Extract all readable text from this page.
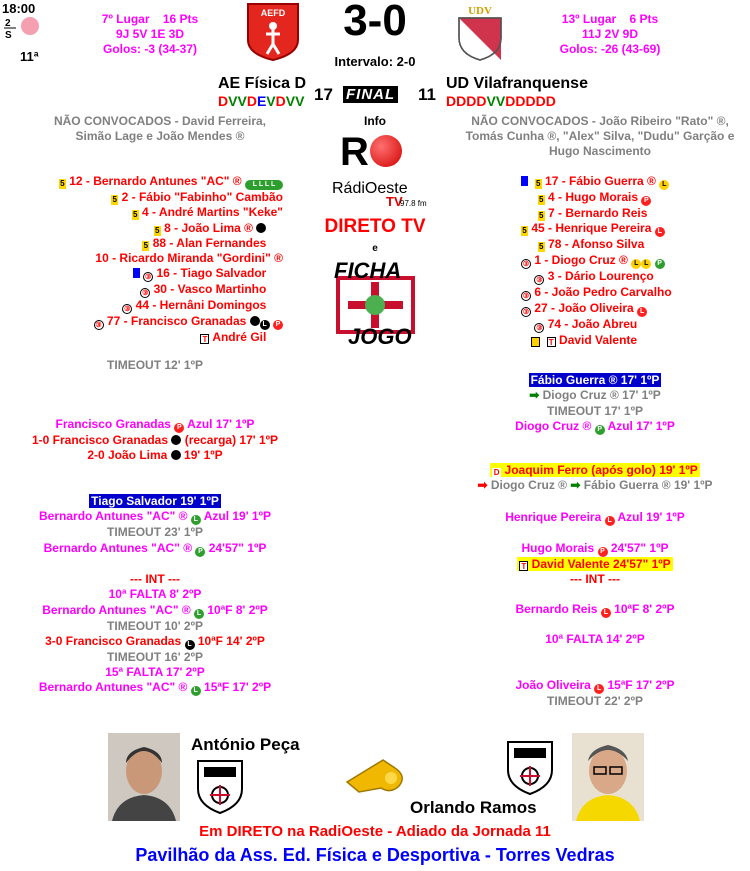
18:00
2
S
11ª
7º Lugar 16 Pts
9J 5V 1E 3D
Golos: -3 (34-37)
AEFD	3-0
Intervalo: 2-0
UDV
13º Lugar 6 Pts
11J 2V 9D
Golos: -26 (43-69)
AE Física D	UD Vilafranquense
DVVDEVDVV	DDDDVVDDDDD
17 FINAL 11
NÃO CONVOCADOS - David Ferreira,
Simão Lage e João Mendes ®
NÃO CONVOCADOS - João Ribeiro "Rato" ®,
Tomás Cunha ®, "Alex" Silva, "Dudu" Garção e
Hugo Nascimento
Info
R
RádiOeste
TV
97.8 fm
DIRETO TV
e
FICHA
JOGO
5 12 - Bernardo Antunes "AC" ® L L L L
5 2 - Fábio "Fabinho" Cambão
5 4 - André Martins "Keke"
5 8 - João Lima ®
5 88 - Alan Fernandes
10 - Ricardo Miranda "Gordini" ®
③ 16 - Tiago Salvador
③ 30 - Vasco Martinho
③ 44 - Hernâni Domingos
③ 77 - Francisco Granadas L P
T André Gil
5 17 - Fábio Guerra ® L
5 4 - Hugo Morais P
5 7 - Bernardo Reis
5 45 - Henrique Pereira L
5 78 - Afonso Silva
③ 1 - Diogo Cruz ® L L P
③ 3 - Dário Lourenço
③ 6 - João Pedro Carvalho
③ 27 - João Oliveira L
③ 74 - João Abreu
T David Valente
TIMEOUT 12' 1ºP
Francisco Granadas P Azul 17' 1ºP
1-0 Francisco Granadas (recarga) 17' 1ºP
2-0 João Lima 19' 1ºP
Tiago Salvador 19' 1ºP
Bernardo Antunes "AC" ® L Azul 19' 1ºP
TIMEOUT 23' 1ºP
Bernardo Antunes "AC" ® P 24'57" 1ºP
--- INT ---
10ª FALTA 8' 2ºP
Bernardo Antunes "AC" ® L 10ªF 8' 2ºP
TIMEOUT 10' 2ºP
3-0 Francisco Granadas L 10ªF 14' 2ºP
TIMEOUT 16' 2ºP
15ª FALTA 17' 2ºP
Bernardo Antunes "AC" ® L 15ªF 17' 2ºP
Fábio Guerra ® 17' 1ºP
➡ Diogo Cruz ® 17' 1ºP
TIMEOUT 17' 1ºP
Diogo Cruz ® P Azul 17' 1ºP
D Joaquim Ferro (após golo) 19' 1ºP
➡ Diogo Cruz ® ➡ Fábio Guerra ® 19' 1ºP
Henrique Pereira L Azul 19' 1ºP
Hugo Morais P 24'57" 1ºP
T David Valente 24'57" 1ºP
--- INT ---
Bernardo Reis L 10ªF 8' 2ºP
10ª FALTA 14' 2ºP
João Oliveira L 15ªF 17' 2ºP
TIMEOUT 22' 2ºP
António Peça
Orlando Ramos
Em DIRETO na RadiOeste - Adiado da Jornada 11
Pavilhão da Ass. Ed. Física e Desportiva - Torres Vedras
